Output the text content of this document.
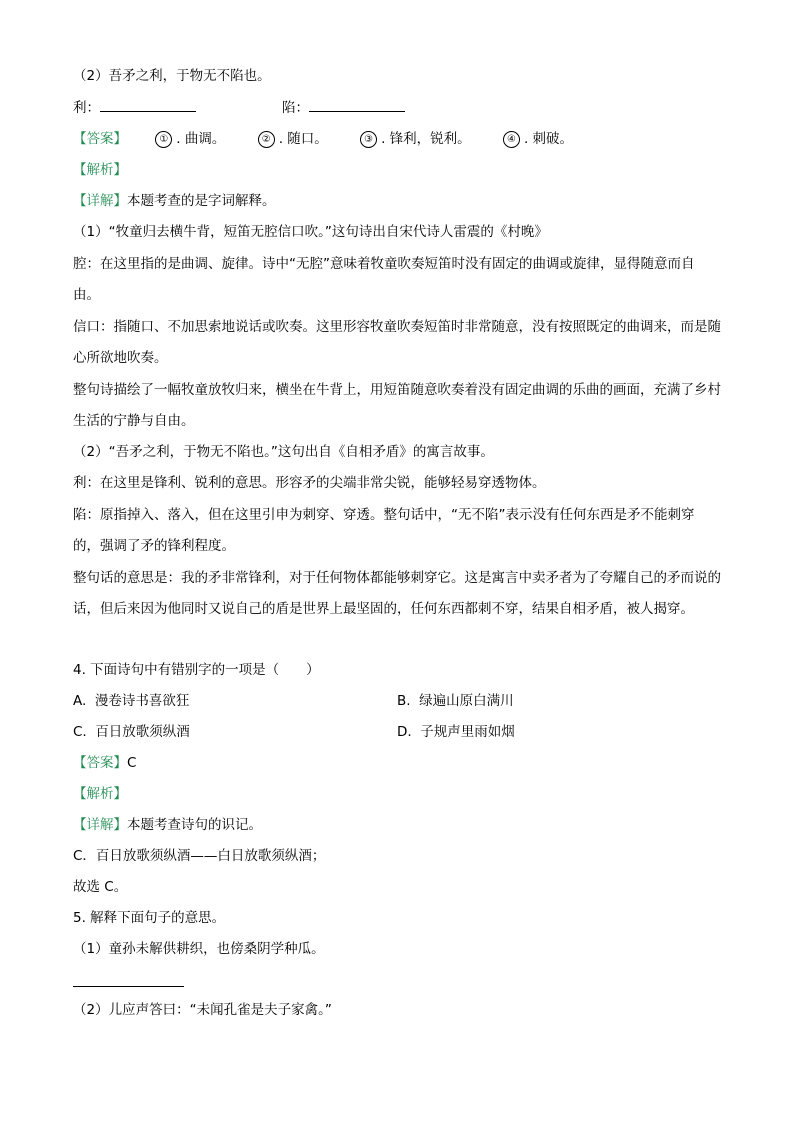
（2）吾矛之利，于物无不陷也。
利：	陷：
【答案】	① . 曲调。	② . 随口。	③ . 锋利，锐利。	④ . 刺破。
【解析】
【详解】本题考查的是字词解释。
（1）“牧童归去横牛背，短笛无腔信口吹。”这句诗出自宋代诗人雷震的《村晚》
腔：在这里指的是曲调、旋律。诗中“无腔”意味着牧童吹奏短笛时没有固定的曲调或旋律，显得随意而自由。
信口：指随口、不加思索地说话或吹奏。这里形容牧童吹奏短笛时非常随意，没有按照既定的曲调来，而是随心所欲地吹奏。
整句诗描绘了一幅牧童放牧归来，横坐在牛背上，用短笛随意吹奏着没有固定曲调的乐曲的画面，充满了乡村生活的宁静与自由。
（2）“吾矛之利，于物无不陷也。”这句出自《自相矛盾》的寓言故事。
利：在这里是锋利、锐利的意思。形容矛的尖端非常尖锐，能够轻易穿透物体。
陷：原指掉入、落入，但在这里引申为刺穿、穿透。整句话中，“无不陷”表示没有任何东西是矛不能刺穿的，强调了矛的锋利程度。
整句话的意思是：我的矛非常锋利，对于任何物体都能够刺穿它。这是寓言中卖矛者为了夸耀自己的矛而说的话，但后来因为他同时又说自己的盾是世界上最坚固的，任何东西都刺不穿，结果自相矛盾，被人揭穿。
4. 下面诗句中有错别字的一项是（　　）
A. 漫卷诗书喜欲狂	B. 绿遍山原白满川
C. 百日放歌须纵酒	D. 子规声里雨如烟
【答案】C
【解析】
【详解】本题考查诗句的识记。
C．百日放歌须纵酒——白日放歌须纵酒；
故选 C。
5. 解释下面句子的意思。
（1）童孙未解供耕织，也傍桑阴学种瓜。
（2）儿应声答曰：“未闻孔雀是夫子家禽。”
